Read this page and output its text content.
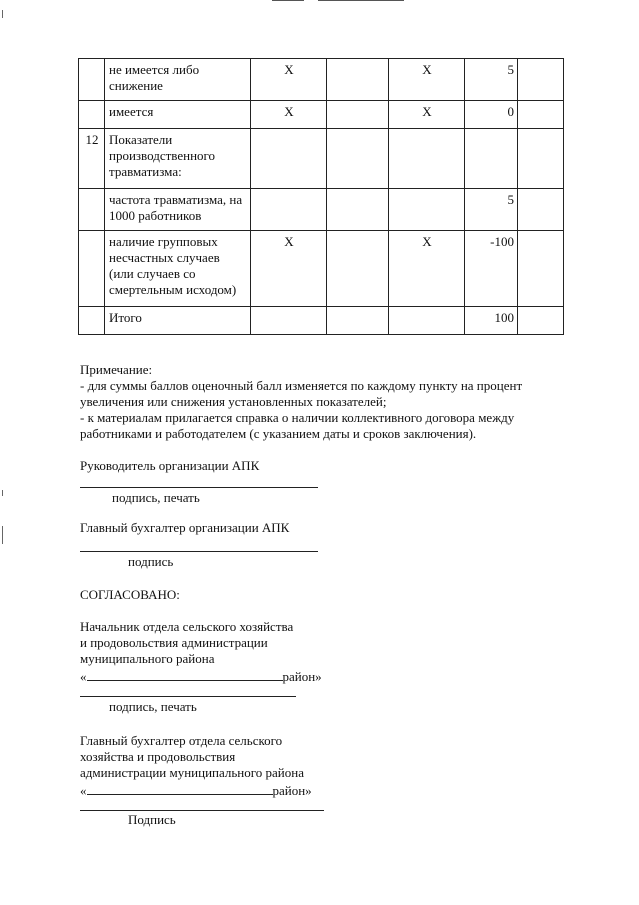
	не имеется либо снижение	X		X	5	
	имеется	X		X	0	
12	Показатели производственного травматизма:					
	частота травматизма, на 1000 работников				5	
	наличие групповых несчастных случаев (или случаев со смертельным исходом)	X		X	-100	
	Итого				100	
Примечание:
- для суммы баллов оценочный балл изменяется по каждому пункту на процент увеличения или снижения установленных показателей;
- к материалам прилагается справка о наличии коллективного договора между работниками и работодателем (с указанием даты и сроков заключения).
Руководитель организации АПК
подпись, печать
Главный бухгалтер организации АПК
подпись
СОГЛАСОВАНО:
Начальник отдела сельского хозяйства
и продовольствия администрации
муниципального района
«	район»
подпись, печать
Главный бухгалтер отдела сельского
хозяйства и продовольствия
администрации муниципального района
«	район»
Подпись
